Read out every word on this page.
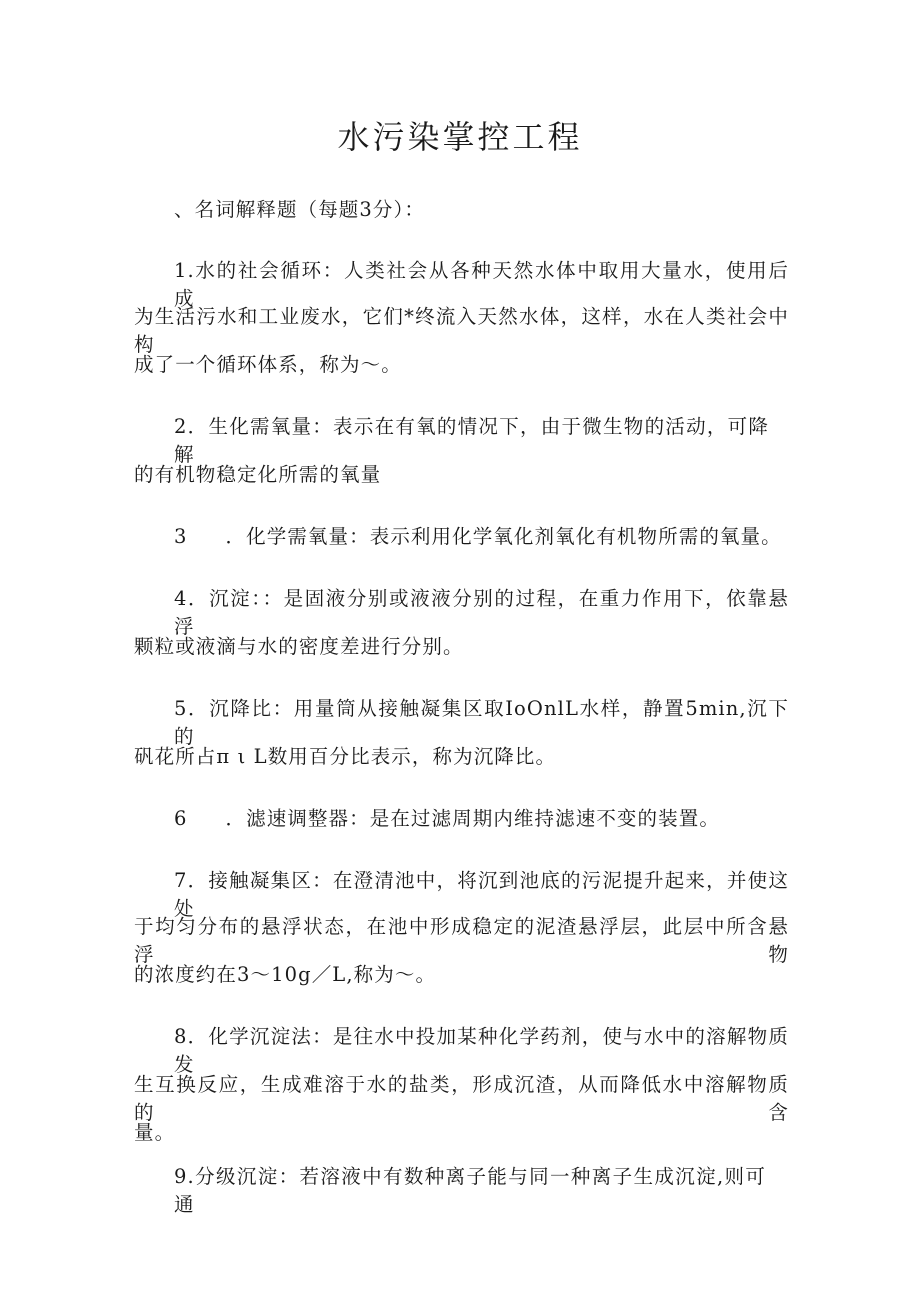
水污染掌控工程

、名词解释题（每题3分）：

1.水的社会循环：人类社会从各种天然水体中取用大量水，使用后成

为生活污水和工业废水，它们*终流入天然水体，这样，水在人类社会中构

成了一个循环体系，称为～。

2．生化需氧量：表示在有氧的情况下，由于微生物的活动，可降解

的有机物稳定化所需的氧量

3 ．化学需氧量：表示利用化学氧化剂氧化有机物所需的氧量。

4．沉淀：：是固液分别或液液分别的过程，在重力作用下，依靠悬浮

颗粒或液滴与水的密度差进行分别。

5．沉降比：用量筒从接触凝集区取IoOnlL水样，静置5min,沉下的

矾花所占π ι L数用百分比表示，称为沉降比。

6 ．滤速调整器：是在过滤周期内维持滤速不变的装置。

7．接触凝集区：在澄清池中，将沉到池底的污泥提升起来，并使这处

于均匀分布的悬浮状态，在池中形成稳定的泥渣悬浮层，此层中所含悬浮物

的浓度约在3～10g／L,称为～。

8．化学沉淀法：是往水中投加某种化学药剂，使与水中的溶解物质发

生互换反应，生成难溶于水的盐类，形成沉渣，从而降低水中溶解物质的含

量。

9.分级沉淀：若溶液中有数种离子能与同一种离子生成沉淀,则可通
